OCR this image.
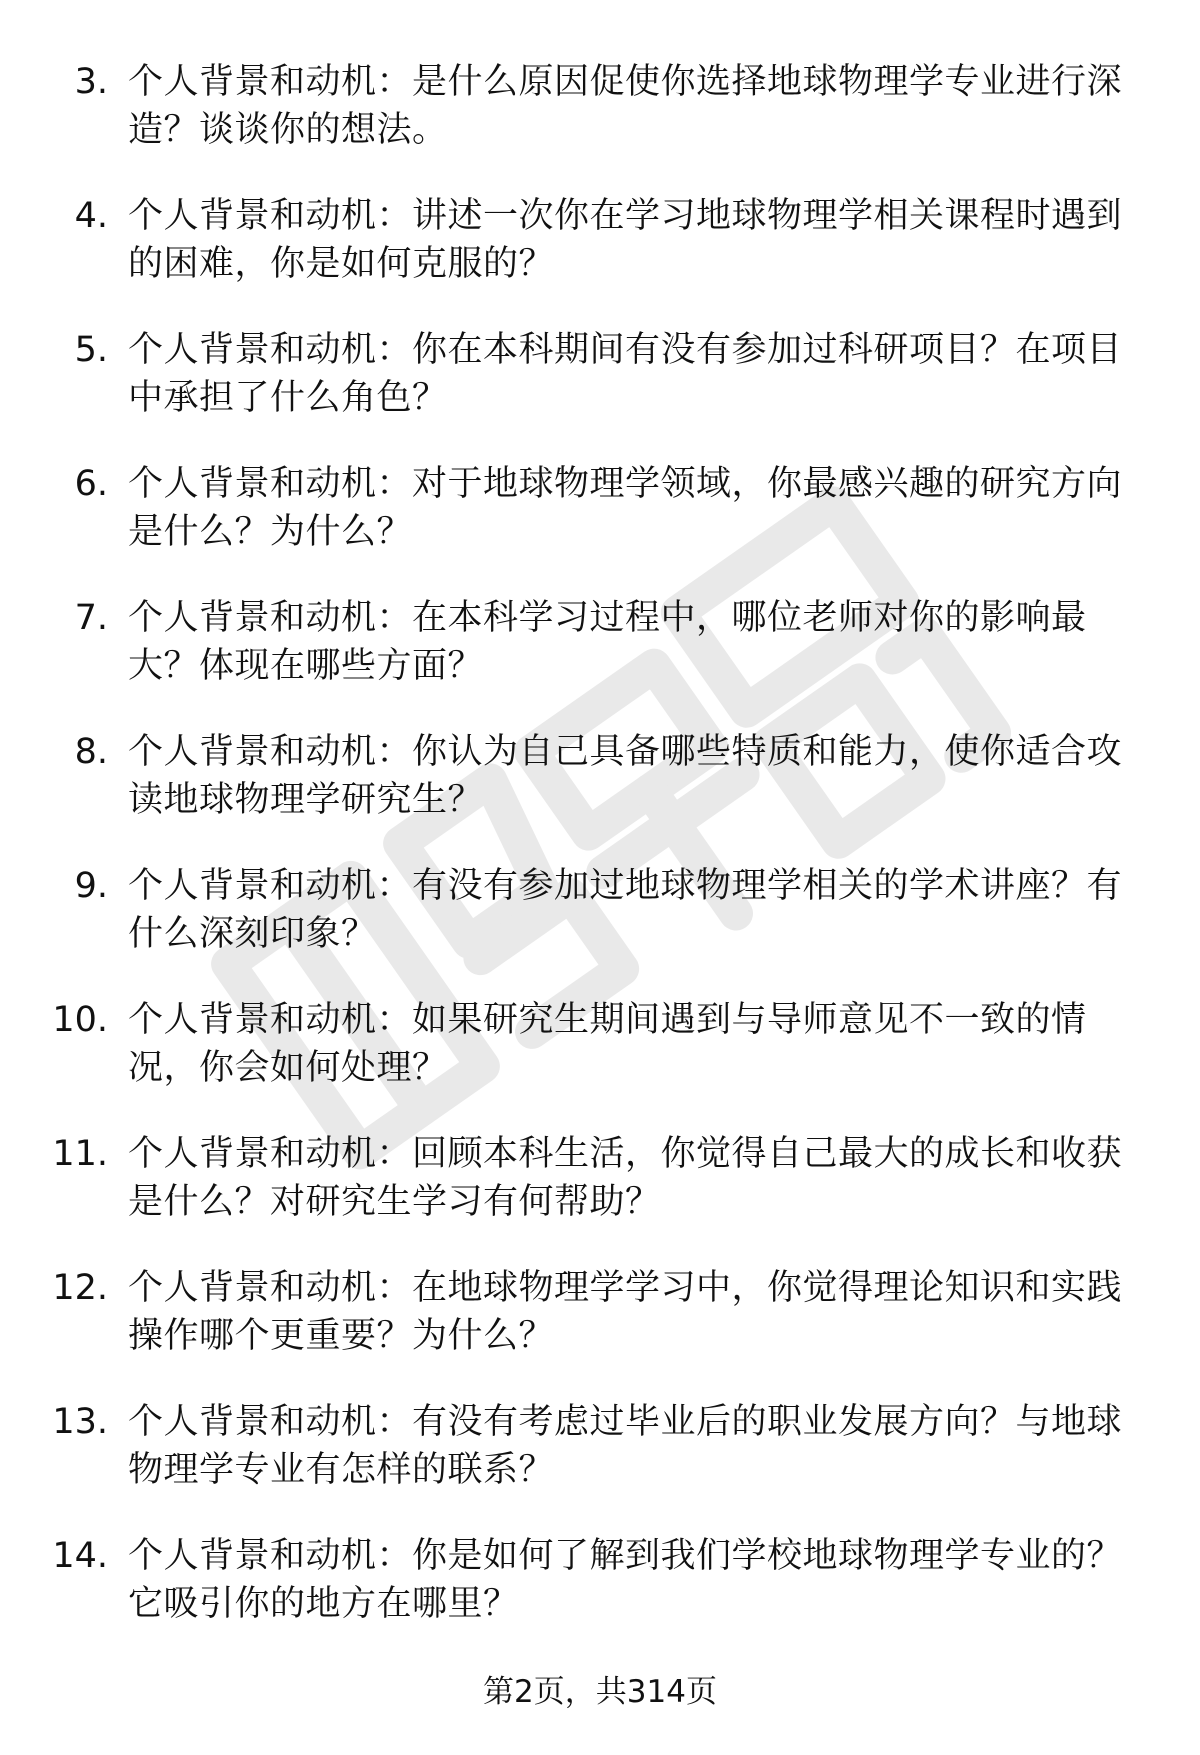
3. 个人背景和动机：是什么原因促使你选择地球物理学专业进行深造？谈谈你的想法。
4. 个人背景和动机：讲述一次你在学习地球物理学相关课程时遇到的困难，你是如何克服的？
5. 个人背景和动机：你在本科期间有没有参加过科研项目？在项目中承担了什么角色？
6. 个人背景和动机：对于地球物理学领域，你最感兴趣的研究方向是什么？为什么？
7. 个人背景和动机：在本科学习过程中，哪位老师对你的影响最大？体现在哪些方面？
8. 个人背景和动机：你认为自己具备哪些特质和能力，使你适合攻读地球物理学研究生？
9. 个人背景和动机：有没有参加过地球物理学相关的学术讲座？有什么深刻印象？
10. 个人背景和动机：如果研究生期间遇到与导师意见不一致的情况，你会如何处理？
11. 个人背景和动机：回顾本科生活，你觉得自己最大的成长和收获是什么？对研究生学习有何帮助？
12. 个人背景和动机：在地球物理学学习中，你觉得理论知识和实践操作哪个更重要？为什么？
13. 个人背景和动机：有没有考虑过毕业后的职业发展方向？与地球物理学专业有怎样的联系？
14. 个人背景和动机：你是如何了解到我们学校地球物理学专业的？它吸引你的地方在哪里？
第2页，共314页
